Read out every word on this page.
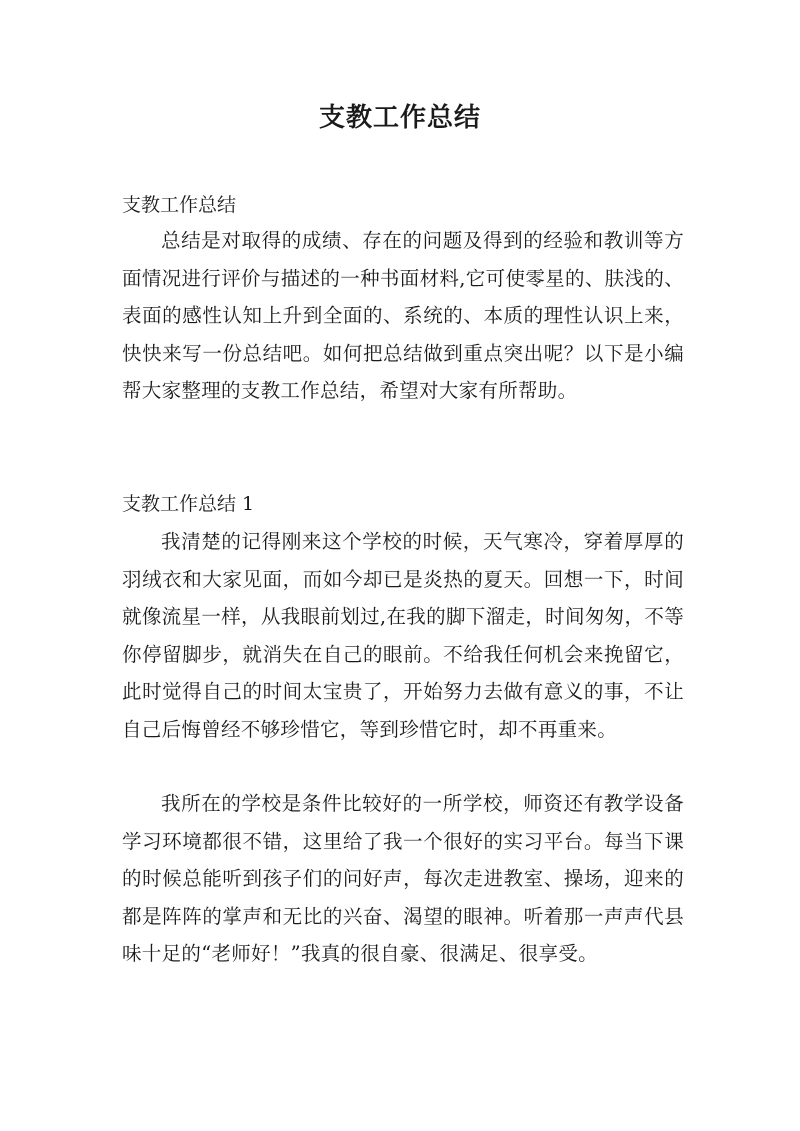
支教工作总结
支教工作总结

总结是对取得的成绩、存在的问题及得到的经验和教训等方面情况进行评价与描述的一种书面材料,它可使零星的、肤浅的、表面的感性认知上升到全面的、系统的、本质的理性认识上来，快快来写一份总结吧。如何把总结做到重点突出呢？以下是小编帮大家整理的支教工作总结，希望对大家有所帮助。

支教工作总结 1

我清楚的记得刚来这个学校的时候，天气寒冷，穿着厚厚的羽绒衣和大家见面，而如今却已是炎热的夏天。回想一下，时间就像流星一样，从我眼前划过,在我的脚下溜走，时间匆匆，不等你停留脚步，就消失在自己的眼前。不给我任何机会来挽留它，此时觉得自己的时间太宝贵了，开始努力去做有意义的事，不让自己后悔曾经不够珍惜它，等到珍惜它时，却不再重来。

我所在的学校是条件比较好的一所学校，师资还有教学设备学习环境都很不错，这里给了我一个很好的实习平台。每当下课的时候总能听到孩子们的问好声，每次走进教室、操场，迎来的都是阵阵的掌声和无比的兴奋、渴望的眼神。听着那一声声代县味十足的“老师好！”我真的很自豪、很满足、很享受。
